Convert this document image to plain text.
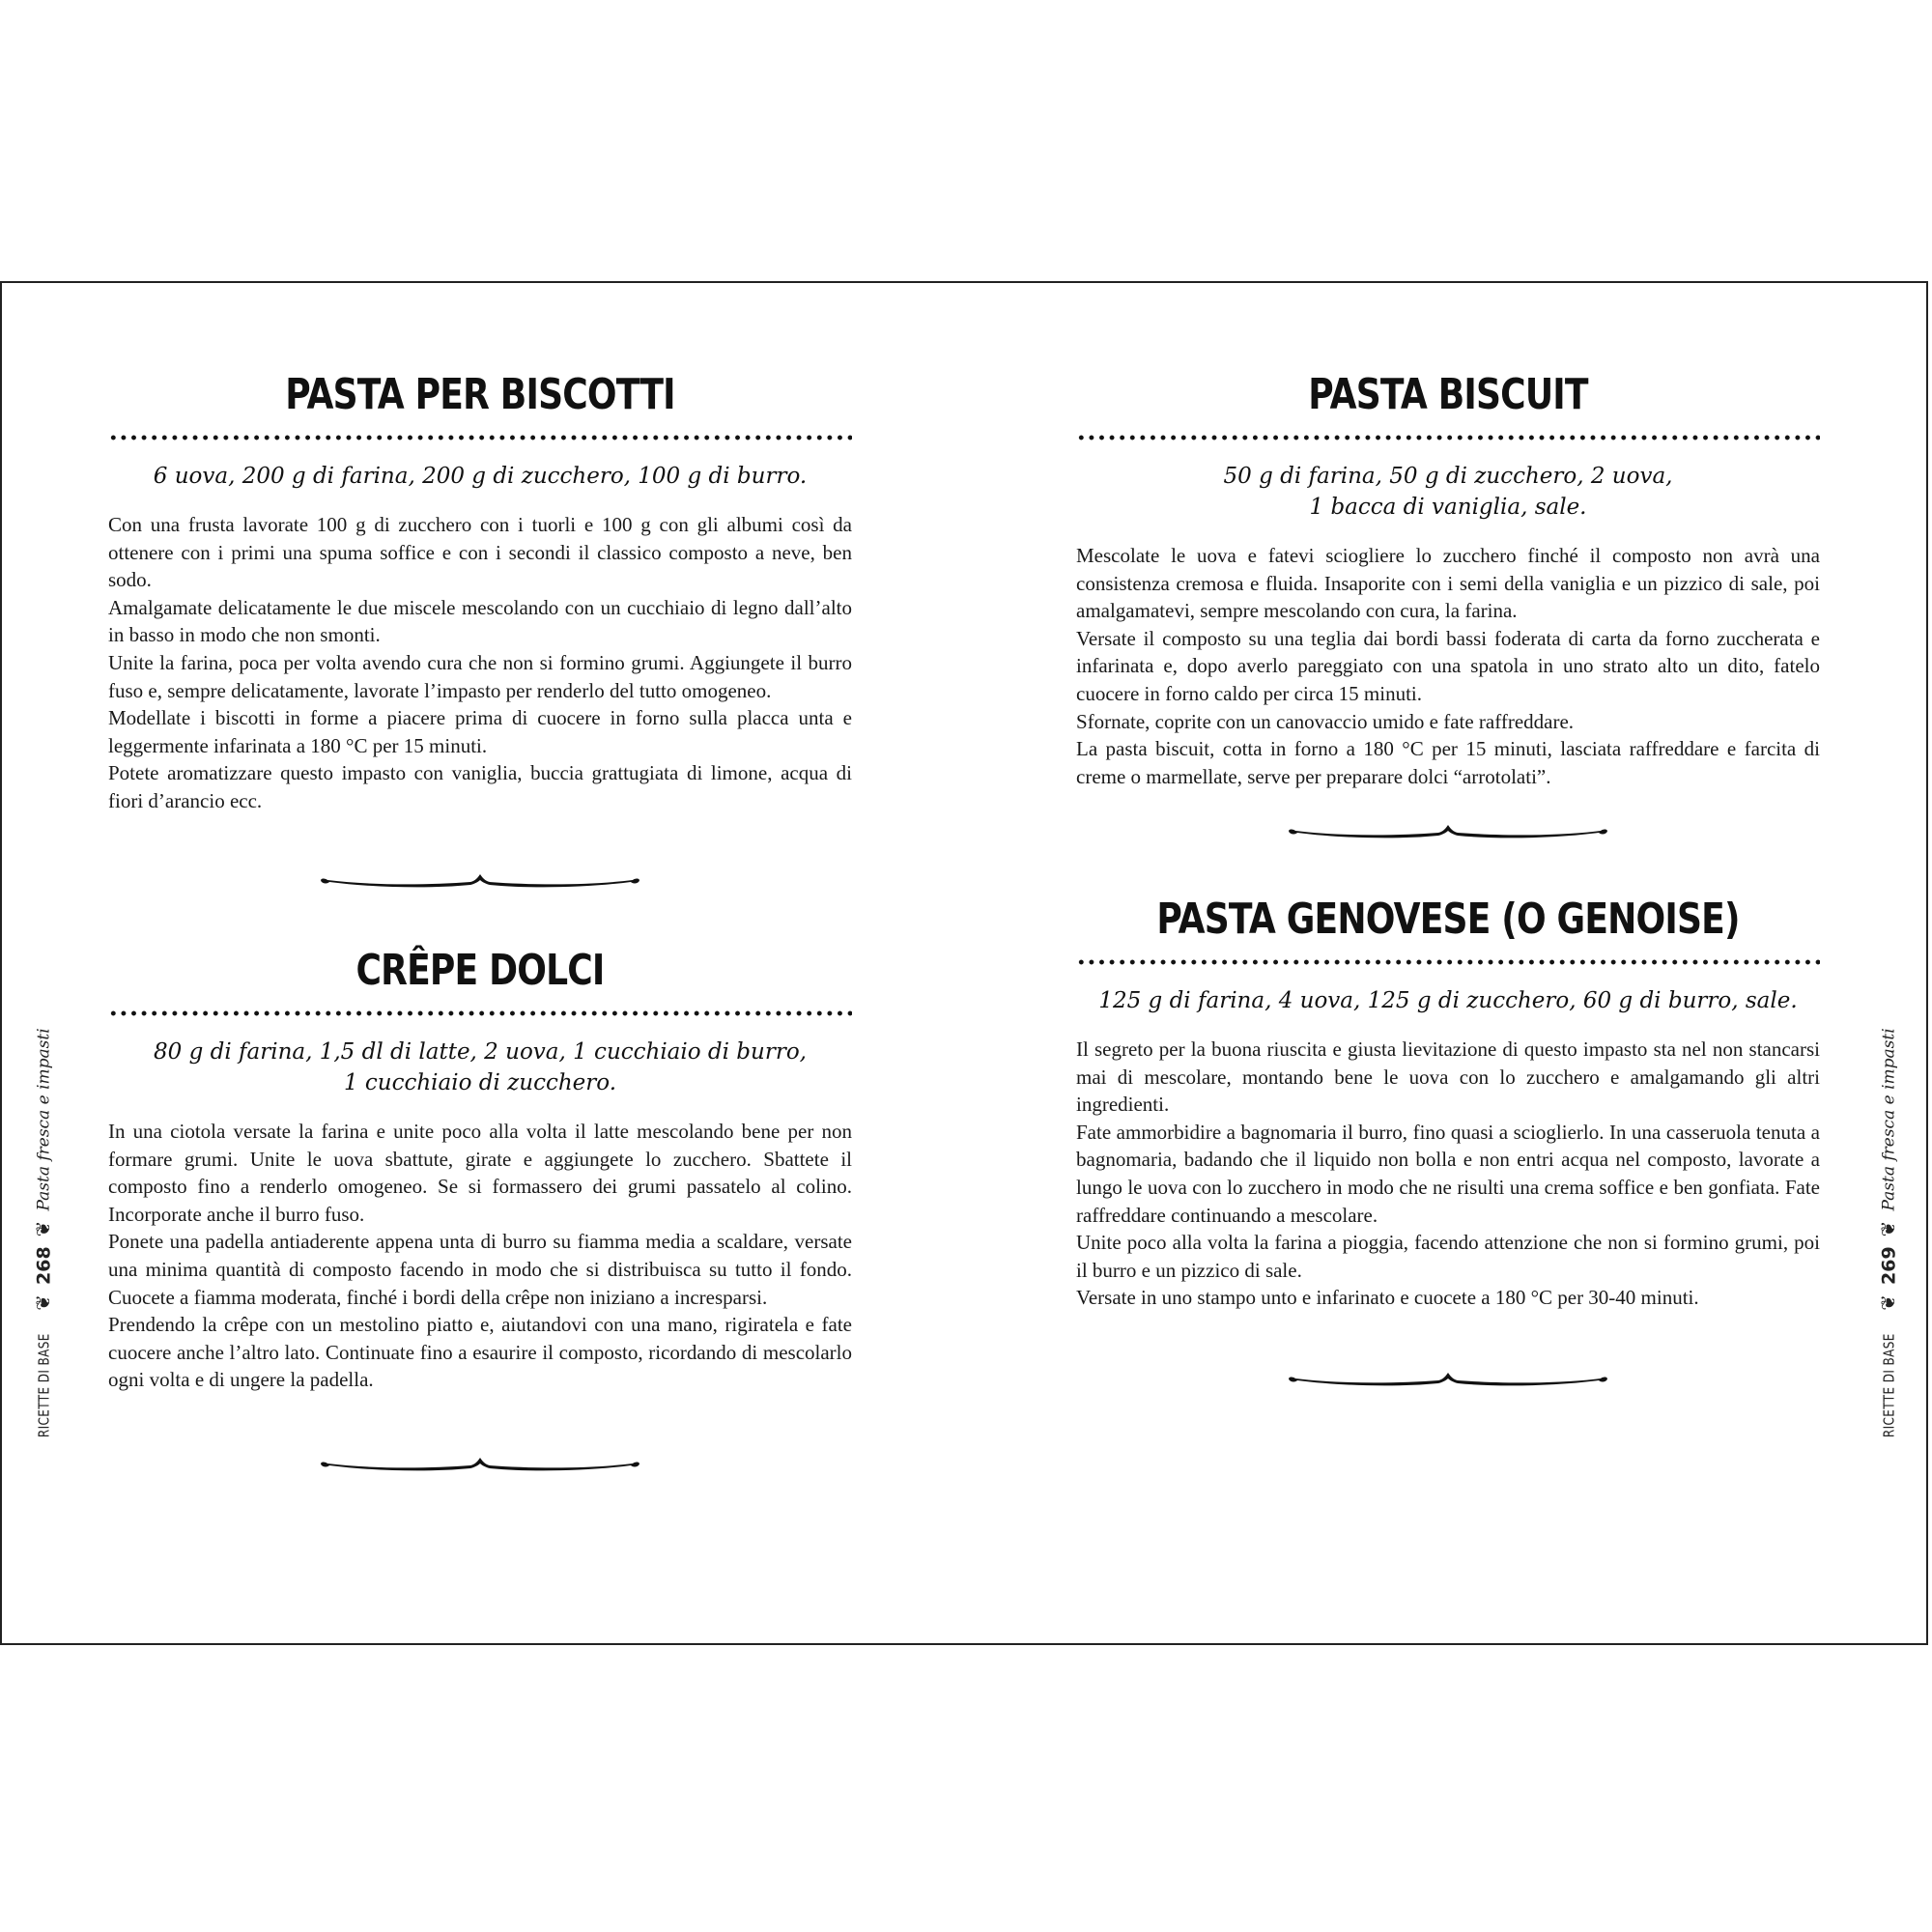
PASTA PER BISCOTTI
6 uova, 200 g di farina, 200 g di zucchero, 100 g di burro.

Con una frusta lavorate 100 g di zucchero con i tuorli e 100 g con gli albumi così da ottenere con i primi una spuma soffice e con i secondi il classico composto a neve, ben sodo.

Amalgamate delicatamente le due miscele mescolando con un cucchiaio di legno dall’alto in basso in modo che non smonti.

Unite la farina, poca per volta avendo cura che non si formino grumi. Aggiungete il burro fuso e, sempre delicatamente, lavorate l’impasto per renderlo del tutto omogeneo.

Modellate i biscotti in forme a piacere prima di cuocere in forno sulla placca unta e leggermente infarinata a 180 °C per 15 minuti.

Potete aromatizzare questo impasto con vaniglia, buccia grattugiata di limone, acqua di fiori d’arancio ecc.

CRÊPE DOLCI
80 g di farina, 1,5 dl di latte, 2 uova, 1 cucchiaio di burro,
1 cucchiaio di zucchero.

In una ciotola versate la farina e unite poco alla volta il latte mescolando bene per non formare grumi. Unite le uova sbattute, girate e aggiungete lo zucchero. Sbattete il composto fino a renderlo omogeneo. Se si formassero dei grumi passatelo al colino. Incorporate anche il burro fuso.

Ponete una padella antiaderente appena unta di burro su fiamma media a scaldare, versate una minima quantità di composto facendo in modo che si distribuisca su tutto il fondo. Cuocete a fiamma moderata, finché i bordi della crêpe non iniziano a incresparsi.

Prendendo la crêpe con un mestolino piatto e, aiutandovi con una mano, rigiratela e fate cuocere anche l’altro lato. Continuate fino a esaurire il composto, ricordando di mescolarlo ogni volta e di ungere la padella.

RICETTE DI BASE
❦
268
❦
Pasta fresca e impasti
PASTA BISCUIT
50 g di farina, 50 g di zucchero, 2 uova,
1 bacca di vaniglia, sale.

Mescolate le uova e fatevi sciogliere lo zucchero finché il composto non avrà una consistenza cremosa e fluida. Insaporite con i semi della vaniglia e un pizzico di sale, poi amalgamatevi, sempre mescolando con cura, la farina.

Versate il composto su una teglia dai bordi bassi foderata di carta da forno zuccherata e infarinata e, dopo averlo pareggiato con una spatola in uno strato alto un dito, fatelo cuocere in forno caldo per circa 15 minuti.

Sfornate, coprite con un canovaccio umido e fate raffreddare.

La pasta biscuit, cotta in forno a 180 °C per 15 minuti, lasciata raffreddare e farcita di creme o marmellate, serve per preparare dolci “arrotolati”.

PASTA GENOVESE (O GENOISE)
125 g di farina, 4 uova, 125 g di zucchero, 60 g di burro, sale.

Il segreto per la buona riuscita e giusta lievitazione di questo impasto sta nel non stancarsi mai di mescolare, montando bene le uova con lo zucchero e amalgamando gli altri ingredienti.

Fate ammorbidire a bagnomaria il burro, fino quasi a scioglierlo. In una casseruola tenuta a bagnomaria, badando che il liquido non bolla e non entri acqua nel composto, lavorate a lungo le uova con lo zucchero in modo che ne risulti una crema soffice e ben gonfiata. Fate raffreddare continuando a mescolare.

Unite poco alla volta la farina a pioggia, facendo attenzione che non si formino grumi, poi il burro e un pizzico di sale.

Versate in uno stampo unto e infarinato e cuocete a 180 °C per 30-40 minuti.

RICETTE DI BASE
❦
269
❦
Pasta fresca e impasti
